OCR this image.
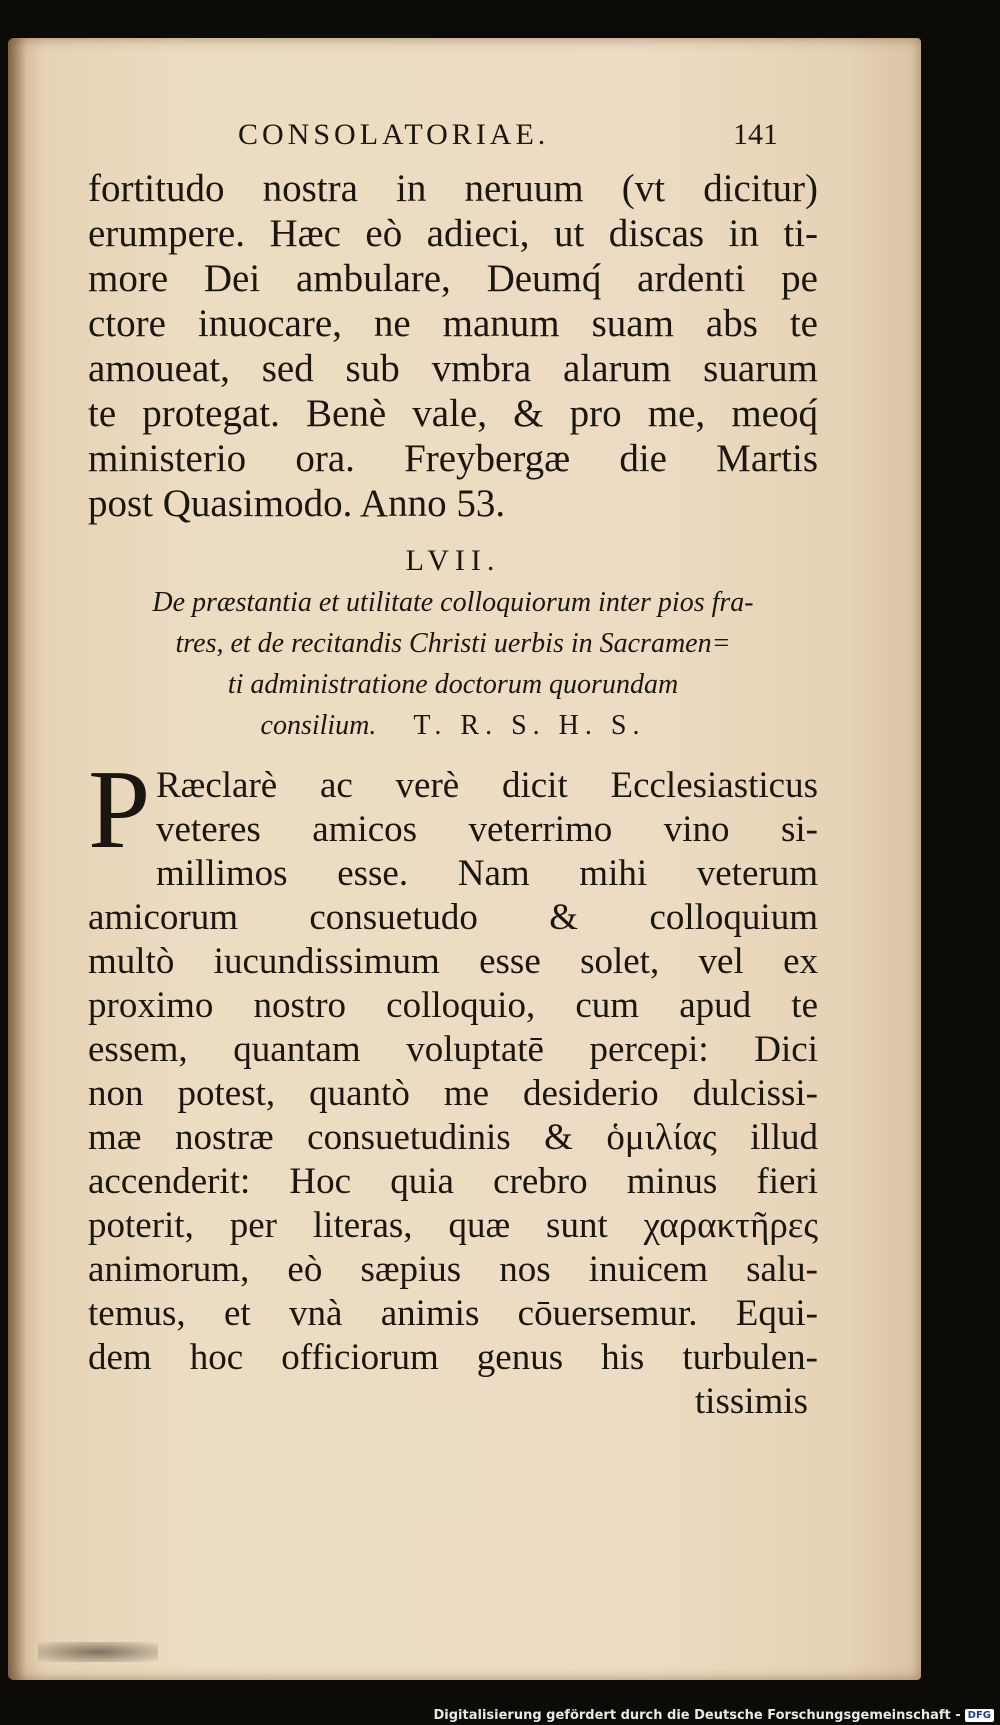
CONSOLATORIAE.	141
fortitudo nostra in neruum (vt dicitur)
erumpere. Hæc eò adieci, ut discas in ti-
more Dei ambulare, Deumq́ ardenti pe
ctore inuocare, ne manum suam abs te
amoueat, sed sub vmbra alarum suarum
te protegat. Benè vale, & pro me, meoq́
ministerio ora. Freybergæ die Martis
post Quasimodo. Anno 53.
LVII.
De præstantia et utilitate colloquiorum inter pios fra-
tres, et de recitandis Christi uerbis in Sacramen=
ti administratione doctorum quorundam
consilium. T. R. S. H. S.
P Ræclarè ac verè dicit Ecclesiasticus
veteres amicos veterrimo vino si-
millimos esse. Nam mihi veterum
amicorum consuetudo & colloquium
multò iucundissimum esse solet, vel ex
proximo nostro colloquio, cum apud te
essem, quantam voluptatē percepi: Dici
non potest, quantò me desiderio dulcissi-
mæ nostræ consuetudinis & ὁμιλίας illud
accenderit: Hoc quia crebro minus fieri
poterit, per literas, quæ sunt χαρακτῆρες
animorum, eò sæpius nos inuicem salu-
temus, et vnà animis cōuersemur. Equi-
dem hoc officiorum genus his turbulen-
tissimis
Digitalisierung gefördert durch die Deutsche Forschungsgemeinschaft - DFG
